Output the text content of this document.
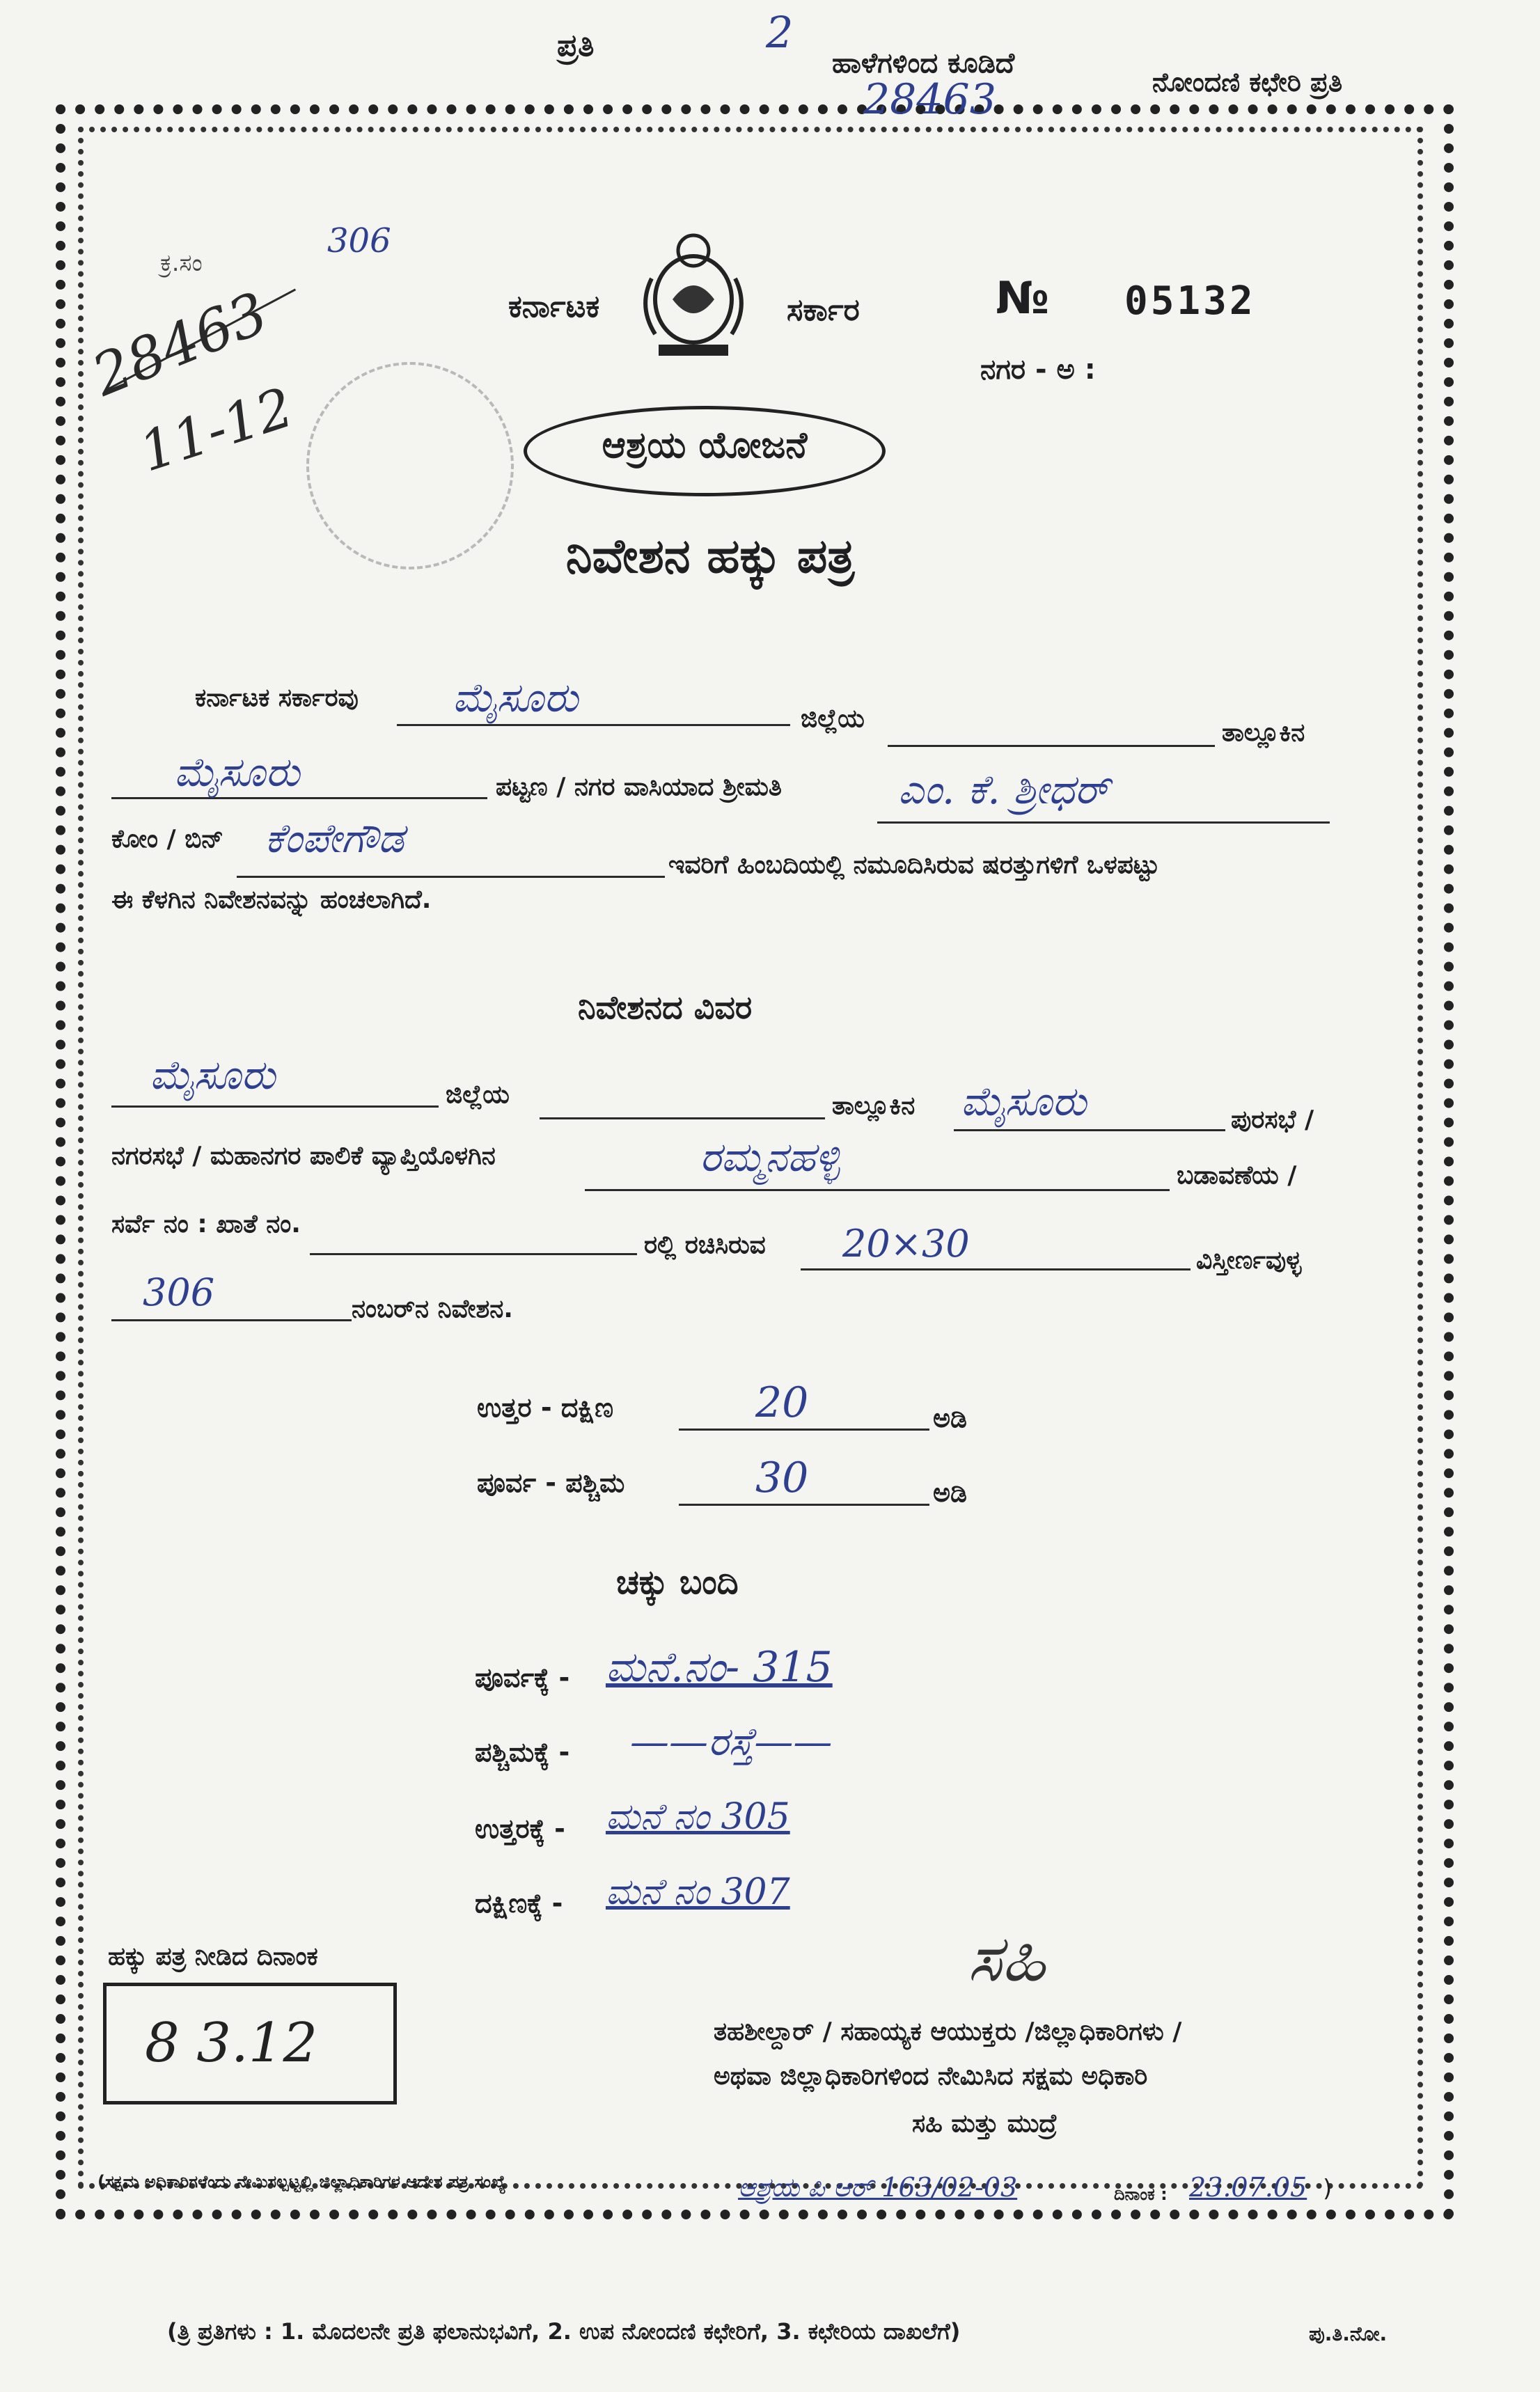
ಪ್ರತಿ	2
ಹಾಳೆಗಳಿಂದ ಕೂಡಿದೆ
ನೋಂದಣಿ ಕಛೇರಿ ಪ್ರತಿ
28463
ಕ್ರ.ಸಂ
306
28463
11-12
ಕರ್ನಾಟಕ	ಸರ್ಕಾರ	№ 05132
ನಗರ - ಅ :
ಆಶ್ರಯ ಯೋಜನೆ
ನಿವೇಶನ ಹಕ್ಕು ಪತ್ರ
ಕರ್ನಾಟಕ ಸರ್ಕಾರವು ಮೈಸೂರು	ಜಿಲ್ಲೆಯ	ತಾಲ್ಲೂಕಿನ
ಮೈಸೂರು	ಪಟ್ಟಣ / ನಗರ ವಾಸಿಯಾದ ಶ್ರೀಮತಿ	ಎಂ. ಕೆ. ಶ್ರೀಧರ್
ಕೋಂ / ಬಿನ್ ಕೆಂಪೇಗೌಡ
ಇವರಿಗೆ ಹಿಂಬದಿಯಲ್ಲಿ ನಮೂದಿಸಿರುವ ಷರತ್ತುಗಳಿಗೆ ಒಳಪಟ್ಟು
ಈ ಕೆಳಗಿನ ನಿವೇಶನವನ್ನು ಹಂಚಲಾಗಿದೆ.
ನಿವೇಶನದ ವಿವರ
ಮೈಸೂರು	ಜಿಲ್ಲೆಯ	ತಾಲ್ಲೂಕಿನ ಮೈಸೂರು	ಪುರಸಭೆ /
ನಗರಸಭೆ / ಮಹಾನಗರ ಪಾಲಿಕೆ ವ್ಯಾಪ್ತಿಯೊಳಗಿನ	ರಮ್ಮನಹಳ್ಳಿ	ಬಡಾವಣೆಯ /
ಸರ್ವೆ ನಂ : ಖಾತೆ ನಂ.
ರಲ್ಲಿ ರಚಿಸಿರುವ 20×30	ವಿಸ್ತೀರ್ಣವುಳ್ಳ
306	ನಂಬರ್‌ನ ನಿವೇಶನ.
ಉತ್ತರ - ದಕ್ಷಿಣ	20	ಅಡಿ
ಪೂರ್ವ - ಪಶ್ಚಿಮ	30	ಅಡಿ
ಚಕ್ಕು ಬಂದಿ
ಪೂರ್ವಕ್ಕೆ - ಮನೆ.ನಂ- 315
ಪಶ್ಚಿಮಕ್ಕೆ - ——ರಸ್ತೆ——
ಉತ್ತರಕ್ಕೆ - ಮನೆ ನಂ 305
ದಕ್ಷಿಣಕ್ಕೆ - ಮನೆ ನಂ 307
ಹಕ್ಕು ಪತ್ರ ನೀಡಿದ ದಿನಾಂಕ
8 3.12
ಸಹಿ
ತಹಶೀಲ್ದಾರ್ / ಸಹಾಯ್ಯಕ ಆಯುಕ್ತರು /ಜಿಲ್ಲಾಧಿಕಾರಿಗಳು /
ಅಥವಾ ಜಿಲ್ಲಾಧಿಕಾರಿಗಳಿಂದ ನೇಮಿಸಿದ ಸಕ್ಷಮ ಅಧಿಕಾರಿ
ಸಹಿ ಮತ್ತು ಮುದ್ರೆ
(ಸಕ್ಷಮ ಅಧಿಕಾರಿಗಳೆಂದು ನೇಮಿಸಲ್ಪಟ್ಟಲ್ಲಿ ಜಿಲ್ಲಾಧಿಕಾರಿಗಳ ಆದೇಶ ಪತ್ರ ಸಂಖ್ಯೆ	ಆಶ್ರಯ ಪಿ ಆರ್ 163/02-03	ದಿನಾಂಕ : 23.07.05 )
(ತ್ರಿ ಪ್ರತಿಗಳು : 1. ಮೊದಲನೇ ಪ್ರತಿ ಫಲಾನುಭವಿಗೆ, 2. ಉಪ ನೋಂದಣಿ ಕಛೇರಿಗೆ, 3. ಕಛೇರಿಯ ದಾಖಲೆಗೆ)	ಪು.ತಿ.ನೋ.
